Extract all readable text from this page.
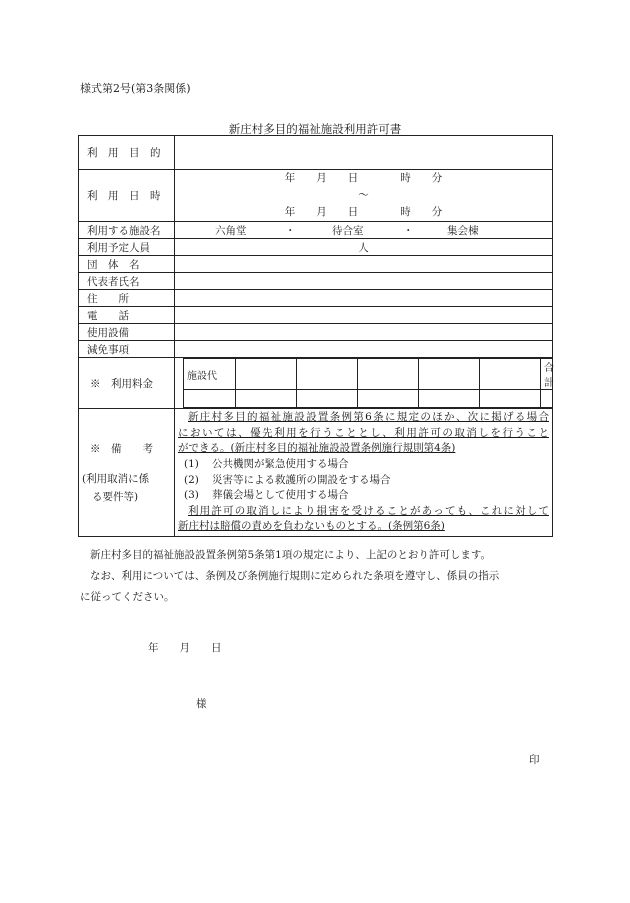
様式第2号(第3条関係)
新庄村多目的福祉施設利用許可書
利　用　目　的

利　用　日　時

年　　月　　日　　　　時　　分
～
年　　月　　日　　　　時　　分

利用する施設名	六角堂	・	待合室	・	集会棟

利用予定人員	人

団　体　名

代表者氏名

住　　所

電　　話

使用設備

減免事項

※　利用料金

施設代						合計

※　備　　考
(利用取消に係
る要件等)

新庄村多目的福祉施設設置条例第6条に規定のほか、次に掲げる場合
においては、優先利用を行うこととし、利用許可の取消しを行うこと
ができる。(新庄村多目的福祉施設設置条例施行規則第4条)
(1) 公共機関が緊急使用する場合
(2) 災害等による救護所の開設をする場合
(3) 葬儀会場として使用する場合
利用許可の取消しにより損害を受けることがあっても、これに対して
新庄村は賠償の責めを負わないものとする。(条例第6条)
新庄村多目的福祉施設設置条例第5条第1項の規定により、上記のとおり許可します。
なお、利用については、条例及び条例施行規則に定められた条項を遵守し、係員の指示
に従ってください。
年　　月　　日
様
印
